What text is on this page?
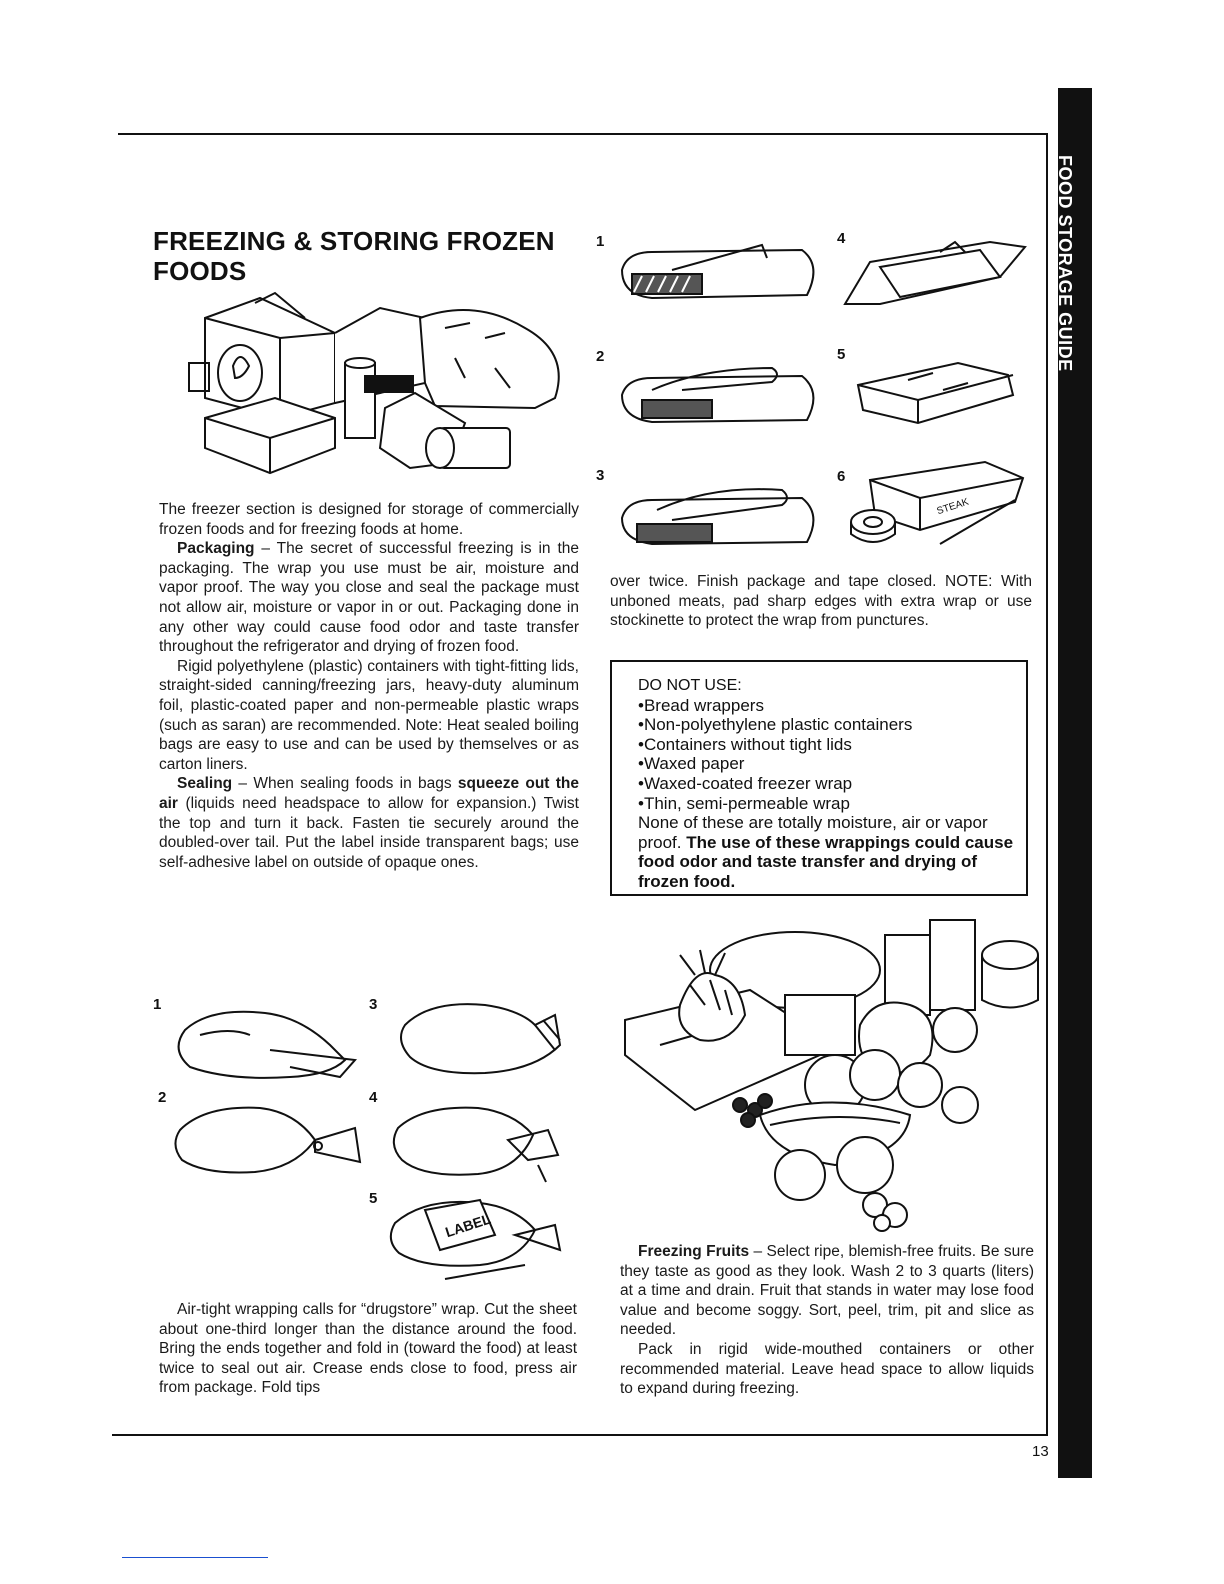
FOOD STORAGE GUIDE
FREEZING & STORING FROZEN FOODS

The freezer section is designed for storage of commercially frozen foods and for freezing foods at home.

Packaging – The secret of successful freezing is in the packaging. The wrap you use must be air, moisture and vapor proof. The way you close and seal the package must not allow air, moisture or vapor in or out. Packaging done in any other way could cause food odor and taste transfer throughout the refrigerator and drying of frozen food.

Rigid polyethylene (plastic) containers with tight-fitting lids, straight-sided canning/freezing jars, heavy-duty aluminum foil, plastic-coated paper and non-permeable plastic wraps (such as saran) are recommended. Note: Heat sealed boiling bags are easy to use and can be used by themselves or as carton liners.

Sealing – When sealing foods in bags squeeze out the air (liquids need headspace to allow for expansion.) Twist the top and turn it back. Fasten tie securely around the doubled-over tail. Put the label inside transparent bags; use self-adhesive label on outside of opaque ones.

1	3
2	4
5
LABEL

Air-tight wrapping calls for “drugstore” wrap. Cut the sheet about one-third longer than the distance around the food. Bring the ends together and fold in (toward the food) at least twice to seal out air. Crease ends close to food, press air from package. Fold tips

1
2
3
4
5
6
STEAK

over twice. Finish package and tape closed. NOTE: With unboned meats, pad sharp edges with extra wrap or use stockinette to protect the wrap from punctures.

DO NOT USE:

• Bread wrappers
• Non-polyethylene plastic containers
• Containers without tight lids
• Waxed paper
• Waxed-coated freezer wrap
• Thin, semi-permeable wrap

None of these are totally moisture, air or vapor proof. The use of these wrappings could cause food odor and taste transfer and drying of frozen food.

Freezing Fruits – Select ripe, blemish-free fruits. Be sure they taste as good as they look. Wash 2 to 3 quarts (liters) at a time and drain. Fruit that stands in water may lose food value and become soggy. Sort, peel, trim, pit and slice as needed.

Pack in rigid wide-mouthed containers or other recommended material. Leave head space to allow liquids to expand during freezing.

13
